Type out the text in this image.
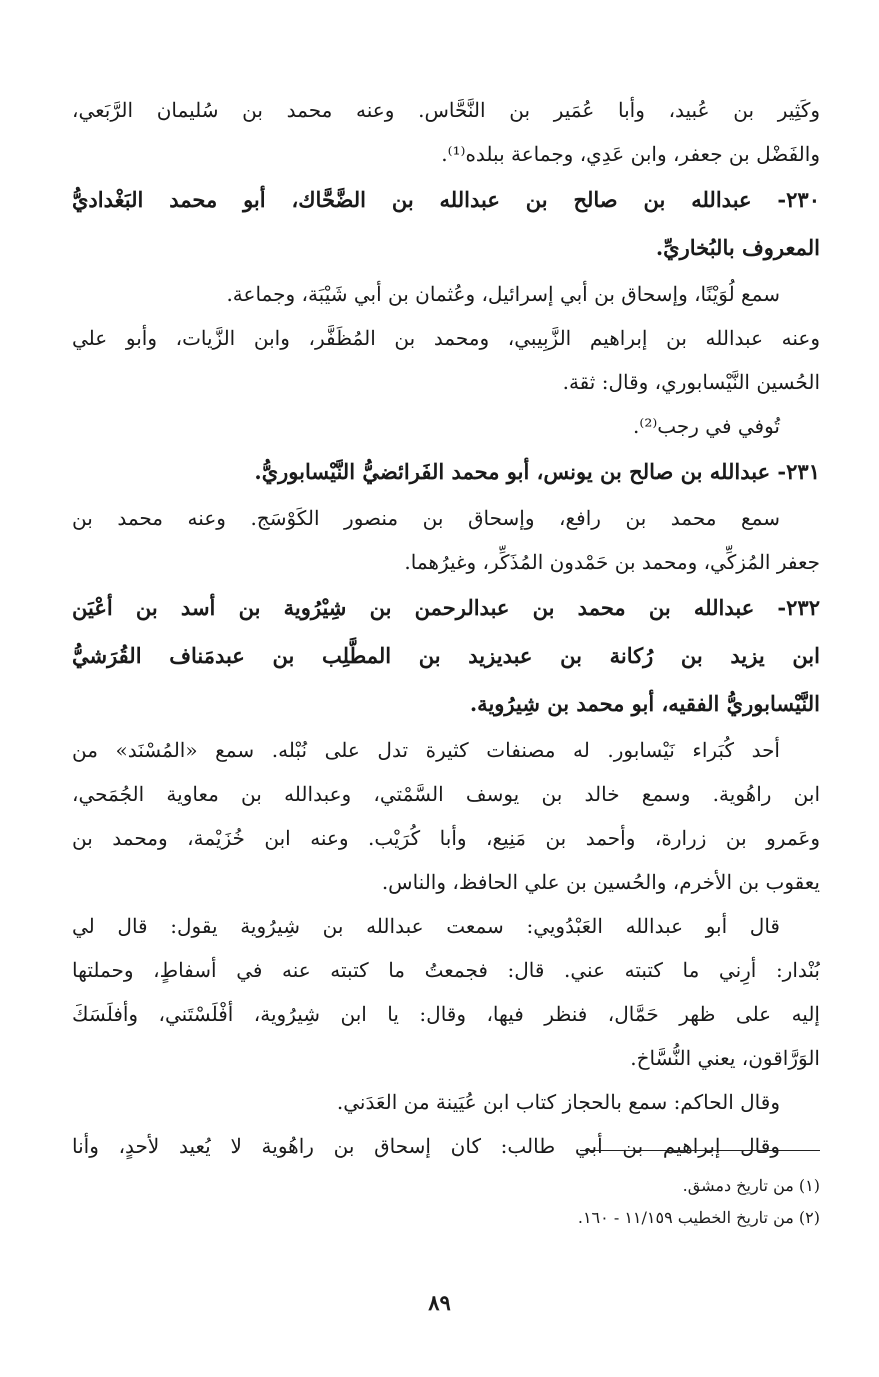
وكَثِير بن عُبيد، وأبا عُمَير بن النَّحَّاس. وعنه محمد بن سُليمان الرَّبَعي،
والفَضْل بن جعفر، وابن عَدِي، وجماعة ببلده⁽¹⁾.
٢٣٠- عبدالله بن صالح بن عبدالله بن الضَّحَّاك، أبو محمد البَغْداديُّ
المعروف بالبُخاريِّ.
سمع لُوَيْنًا، وإسحاق بن أبي إسرائيل، وعُثمان بن أبي شَيْبَة، وجماعة.
وعنه عبدالله بن إبراهيم الزَّبِيبي، ومحمد بن المُظَفَّر، وابن الزَّيات، وأبو علي
الحُسين النَّيْسابوري، وقال: ثقة.
تُوفي في رجب⁽²⁾.
٢٣١- عبدالله بن صالح بن يونس، أبو محمد الفَرائضيُّ النَّيْسابوريُّ.
سمع محمد بن رافع، وإسحاق بن منصور الكَوْسَج. وعنه محمد بن
جعفر المُزكِّي، ومحمد بن حَمْدون المُذَكِّر، وغيرُهما.
٢٣٢- عبدالله بن محمد بن عبدالرحمن بن شِيْرُوية بن أسد بن أعْيَن
ابن يزيد بن رُكانة بن عبديزيد بن المطَّلِب بن عبدمَناف القُرَشيُّ
النَّيْسابوريُّ الفقيه، أبو محمد بن شِيرُوية.
أحد كُبَراء نَيْسابور. له مصنفات كثيرة تدل على نُبْله. سمع «المُسْنَد» من
ابن راهُوية. وسمع خالد بن يوسف السَّمْتي، وعبدالله بن معاوية الجُمَحي،
وعَمرو بن زرارة، وأحمد بن مَنِيع، وأبا كُرَيْب. وعنه ابن خُزَيْمة، ومحمد بن
يعقوب بن الأخرم، والحُسين بن علي الحافظ، والناس.
قال أبو عبدالله العَبْدُويي: سمعت عبدالله بن شِيرُوية يقول: قال لي
بُنْدار: أرِني ما كتبته عني. قال: فجمعتُ ما كتبته عنه في أسفاطٍ، وحملتها
إليه على ظهر حَمَّال، فنظر فيها، وقال: يا ابن شِيرُوية، أفْلَسْتَني، وأفلَسَكَ
الوَرَّاقون، يعني النُّسَّاخ.
وقال الحاكم: سمع بالحجاز كتاب ابن عُيَينة من العَدَني.
وقال إبراهيم بن أبي طالب: كان إسحاق بن راهُوية لا يُعيد لأحدٍ، وأنا
(١) من تاريخ دمشق.
(٢) من تاريخ الخطيب ١١/١٥٩ - ١٦٠.
٨٩
